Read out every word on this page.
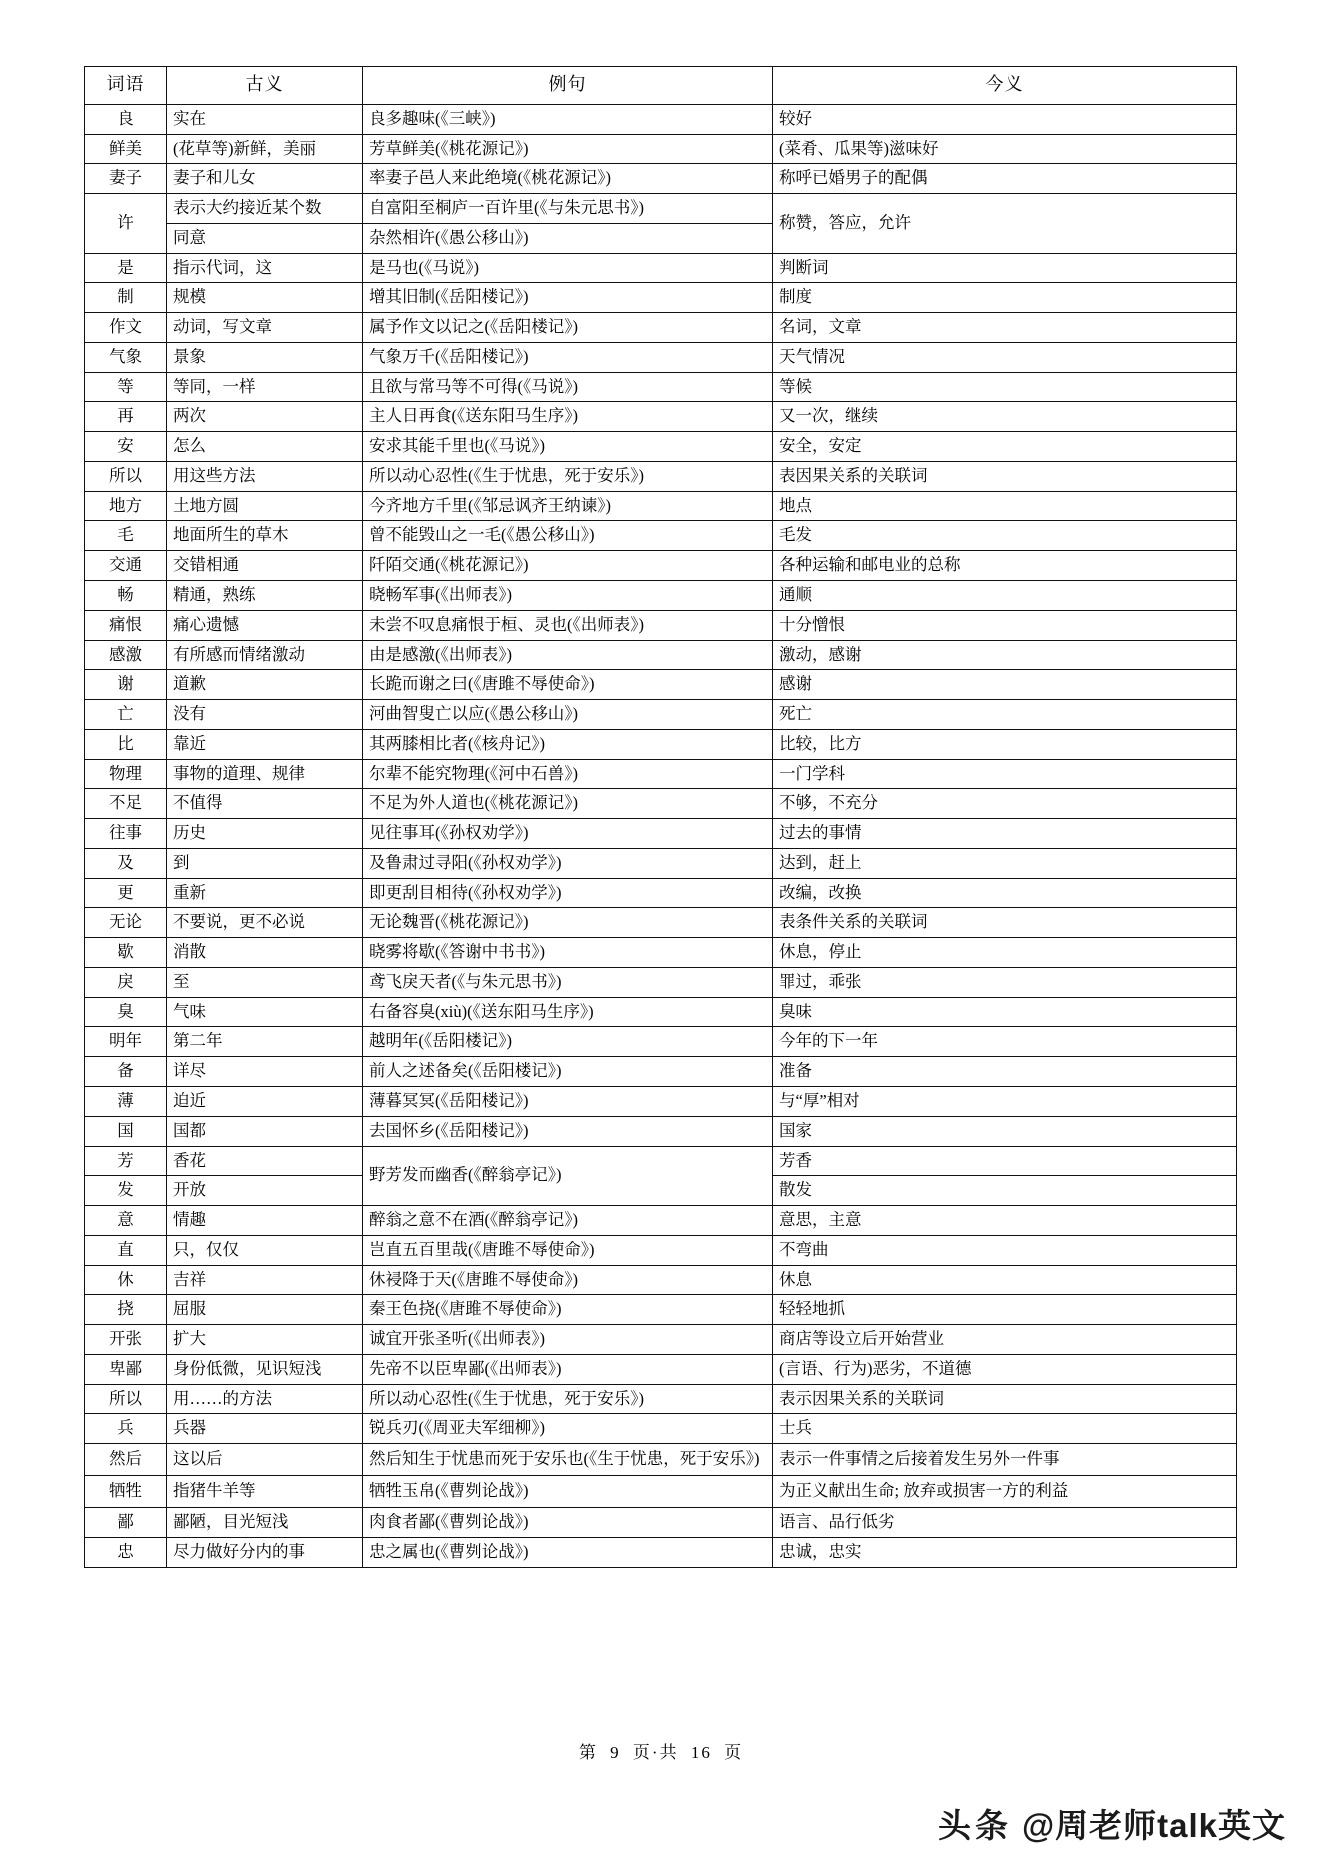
词语	古义	例句	今义
良	实在	良多趣味(《三峡》)	较好
鲜美	(花草等)新鲜，美丽	芳草鲜美(《桃花源记》)	(菜肴、瓜果等)滋味好
妻子	妻子和儿女	率妻子邑人来此绝境(《桃花源记》)	称呼已婚男子的配偶
许	表示大约接近某个数	自富阳至桐庐一百许里(《与朱元思书》)	称赞，答应，允许
	同意	杂然相许(《愚公移山》)	
是	指示代词，这	是马也(《马说》)	判断词
制	规模	增其旧制(《岳阳楼记》)	制度
作文	动词，写文章	属予作文以记之(《岳阳楼记》)	名词，文章
气象	景象	气象万千(《岳阳楼记》)	天气情况
等	等同，一样	且欲与常马等不可得(《马说》)	等候
再	两次	主人日再食(《送东阳马生序》)	又一次，继续
安	怎么	安求其能千里也(《马说》)	安全，安定
所以	用这些方法	所以动心忍性(《生于忧患，死于安乐》)	表因果关系的关联词
地方	土地方圆	今齐地方千里(《邹忌讽齐王纳谏》)	地点
毛	地面所生的草木	曾不能毁山之一毛(《愚公移山》)	毛发
交通	交错相通	阡陌交通(《桃花源记》)	各种运输和邮电业的总称
畅	精通，熟练	晓畅军事(《出师表》)	通顺
痛恨	痛心遗憾	未尝不叹息痛恨于桓、灵也(《出师表》)	十分憎恨
感激	有所感而情绪激动	由是感激(《出师表》)	激动，感谢
谢	道歉	长跪而谢之曰(《唐雎不辱使命》)	感谢
亡	没有	河曲智叟亡以应(《愚公移山》)	死亡
比	靠近	其两膝相比者(《核舟记》)	比较，比方
物理	事物的道理、规律	尔辈不能究物理(《河中石兽》)	一门学科
不足	不值得	不足为外人道也(《桃花源记》)	不够，不充分
往事	历史	见往事耳(《孙权劝学》)	过去的事情
及	到	及鲁肃过寻阳(《孙权劝学》)	达到，赶上
更	重新	即更刮目相待(《孙权劝学》)	改编，改换
无论	不要说，更不必说	无论魏晋(《桃花源记》)	表条件关系的关联词
歇	消散	晓雾将歇(《答谢中书书》)	休息，停止
戾	至	鸢飞戾天者(《与朱元思书》)	罪过，乖张
臭	气味	右备容臭(xiù)(《送东阳马生序》)	臭味
明年	第二年	越明年(《岳阳楼记》)	今年的下一年
备	详尽	前人之述备矣(《岳阳楼记》)	准备
薄	迫近	薄暮冥冥(《岳阳楼记》)	与“厚”相对
国	国都	去国怀乡(《岳阳楼记》)	国家
芳	香花	野芳发而幽香(《醉翁亭记》)	芳香
发	开放		散发
意	情趣	醉翁之意不在酒(《醉翁亭记》)	意思，主意
直	只，仅仅	岂直五百里哉(《唐雎不辱使命》)	不弯曲
休	吉祥	休祲降于天(《唐雎不辱使命》)	休息
挠	屈服	秦王色挠(《唐雎不辱使命》)	轻轻地抓
开张	扩大	诚宜开张圣听(《出师表》)	商店等设立后开始营业
卑鄙	身份低微，见识短浅	先帝不以臣卑鄙(《出师表》)	(言语、行为)恶劣，不道德
所以	用……的方法	所以动心忍性(《生于忧患，死于安乐》)	表示因果关系的关联词
兵	兵器	锐兵刃(《周亚夫军细柳》)	士兵
然后	这以后	然后知生于忧患而死于安乐也(《生于忧患，死于安乐》)	表示一件事情之后接着发生另外一件事
牺牲	指猪牛羊等	牺牲玉帛(《曹刿论战》)	为正义献出生命; 放弃或损害一方的利益
鄙	鄙陋，目光短浅	肉食者鄙(《曹刿论战》)	语言、品行低劣
忠	尽力做好分内的事	忠之属也(《曹刿论战》)	忠诚，忠实
第 9 页·共 16 页
头条 @周老师talk英文
